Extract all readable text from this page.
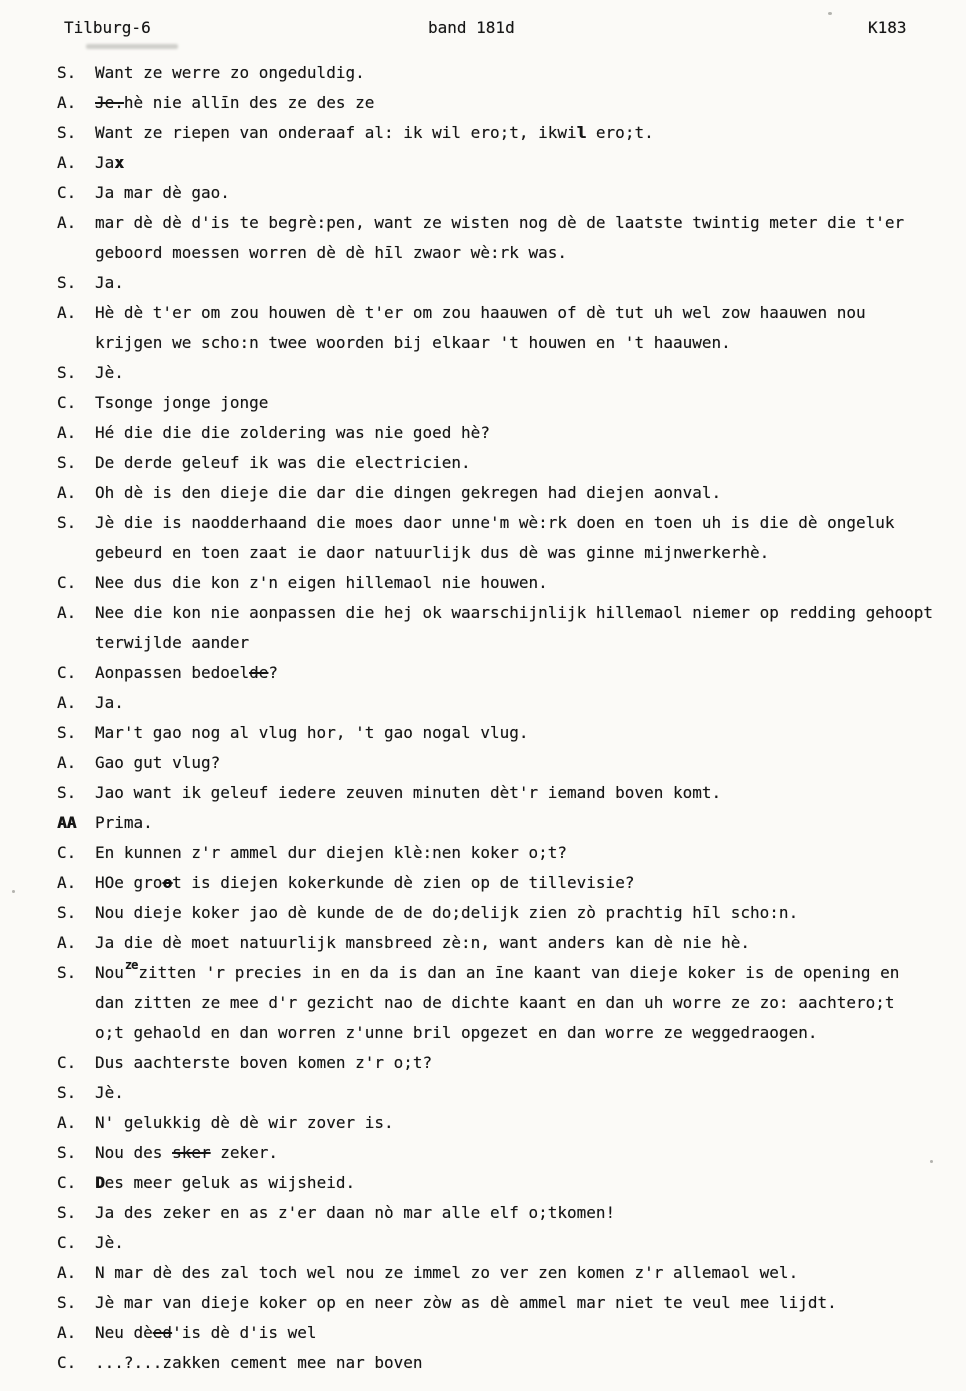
Tilburg-6	band 181d	K183
S. Want ze werre zo ongeduldig.
A. Je.hè nie allīn des ze des ze
S. Want ze riepen van onderaaf al: ik wil ero;t, ikwil ero;t.
A. Jax
C. Ja mar dè gao.
A. mar dè dè d'is te begrè:pen, want ze wisten nog dè de laatste twintig meter die t'er
geboord moessen worren dè dè hīl zwaor wè:rk was.
S. Ja.
A. Hè dè t'er om zou houwen dè t'er om zou haauwen of dè tut uh wel zow haauwen nou
krijgen we scho:n twee woorden bij elkaar 't houwen en 't haauwen.
S. Jè.
C. Tsonge jonge jonge
A. Hé die die die zoldering was nie goed hè?
S. De derde geleuf ik was die electricien.
A. Oh dè is den dieje die dar die dingen gekregen had diejen aonval.
S. Jè die is naodderhaand die moes daor unne'm wè:rk doen en toen uh is die dè ongeluk
gebeurd en toen zaat ie daor natuurlijk dus dè was ginne mijnwerkerhè.
C. Nee dus die kon z'n eigen hillemaol nie houwen.
A. Nee die kon nie aonpassen die hej ok waarschijnlijk hillemaol niemer op redding gehoopt
terwijlde aander
C. Aonpassen bedoelde?
A. Ja.
S. Mar't gao nog al vlug hor, 't gao nogal vlug.
A. Gao gut vlug?
S. Jao want ik geleuf iedere zeuven minuten dèt'r iemand boven komt.
AA Prima.
C. En kunnen z'r ammel dur diejen klè:nen koker o;t?
A. HOe groot is diejen kokerkunde dè zien op de tillevisie?
S. Nou dieje koker jao dè kunde de de do;delijk zien zò prachtig hīl scho:n.
A. Ja die dè moet natuurlijk mansbreed zè:n, want anders kan dè nie hè.
S. Nouzezitten 'r precies in en da is dan an īne kaant van dieje koker is de opening en
dan zitten ze mee d'r gezicht nao de dichte kaant en dan uh worre ze zo: aachtero;t
o;t gehaold en dan worren z'unne bril opgezet en dan worre ze weggedraogen.
C. Dus aachterste boven komen z'r o;t?
S. Jè.
A. N' gelukkig dè dè wir zover is.
S. Nou des sker zeker.
C. Des meer geluk as wijsheid.
S. Ja des zeker en as z'er daan nò mar alle elf o;tkomen!
C. Jè.
A. N mar dè des zal toch wel nou ze immel zo ver zen komen z'r allemaol wel.
S. Jè mar van dieje koker op en neer zòw as dè ammel mar niet te veul mee lijdt.
A. Neu dèed'is dè d'is wel
C. ...?...zakken cement mee nar boven
